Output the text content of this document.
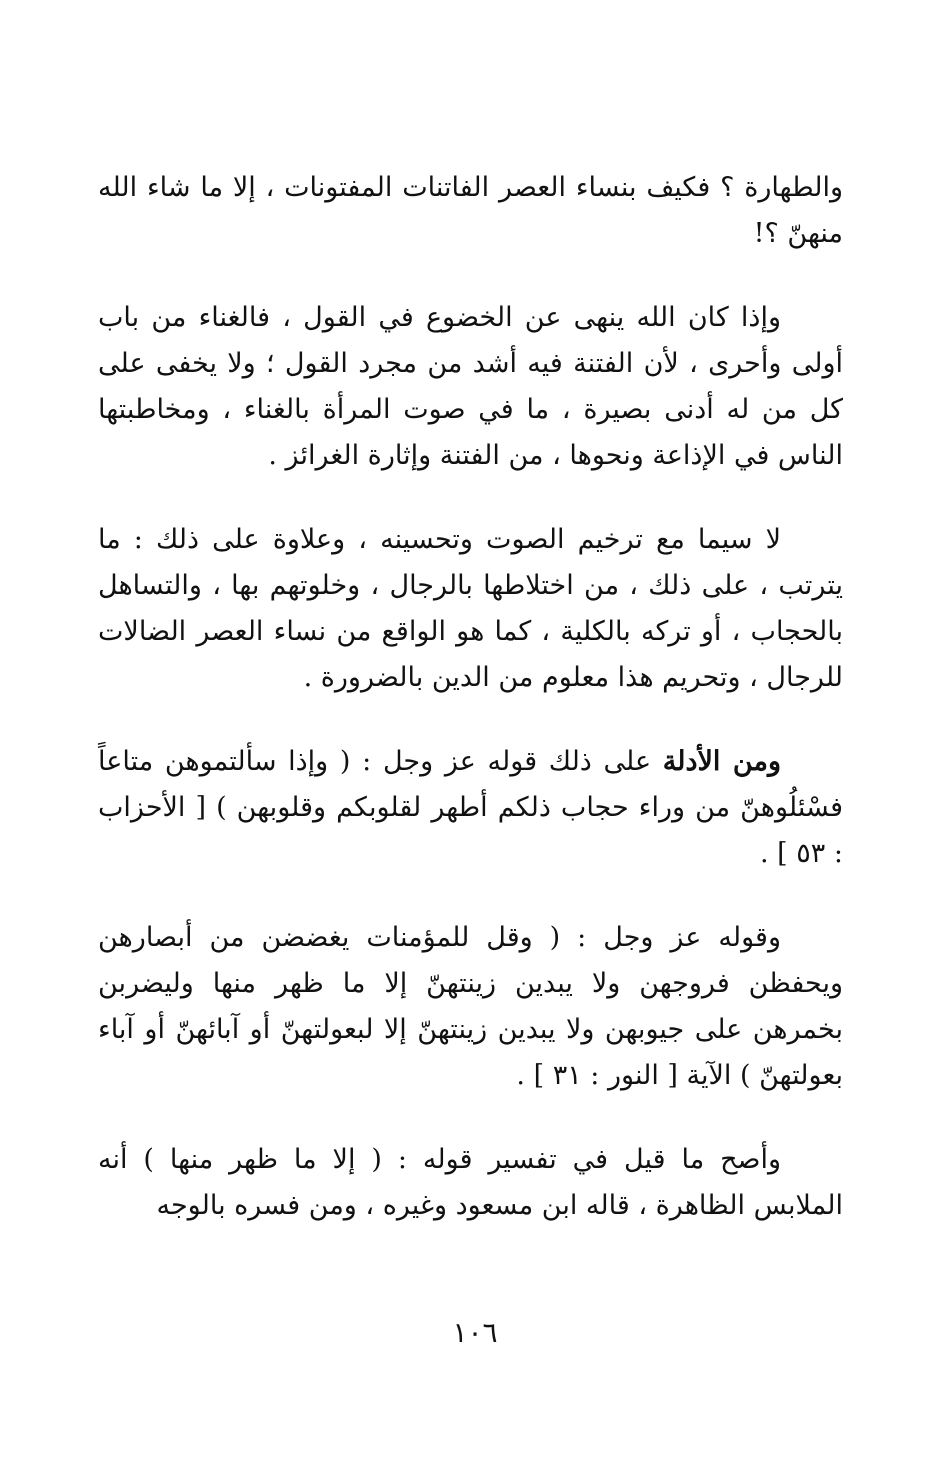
والطهارة ؟ فكيف بنساء العصر الفاتنات المفتونات ، إلا ما شاء الله منهنّ ؟!

وإذا كان الله ينهى عن الخضوع في القول ، فالغناء من باب أولى وأحرى ، لأن الفتنة فيه أشد من مجرد القول ؛ ولا يخفى على كل من له أدنى بصيرة ، ما في صوت المرأة بالغناء ، ومخاطبتها الناس في الإذاعة ونحوها ، من الفتنة وإثارة الغرائز .

لا سيما مع ترخيم الصوت وتحسينه ، وعلاوة على ذلك : ما يترتب ، على ذلك ، من اختلاطها بالرجال ، وخلوتهم بها ، والتساهل بالحجاب ، أو تركه بالكلية ، كما هو الواقع من نساء العصر الضالات للرجال ، وتحريم هذا معلوم من الدين بالضرورة .

ومن الأدلة على ذلك قوله عز وجل : ( وإذا سألتموهن متاعاً فسْئلُوهنّ من وراء حجاب ذلكم أطهر لقلوبكم وقلوبهن ) [ الأحزاب : ٥٣ ] .

وقوله عز وجل : ( وقل للمؤمنات يغضضن من أبصارهن ويحفظن فروجهن ولا يبدين زينتهنّ إلا ما ظهر منها وليضربن بخمرهن على جيوبهن ولا يبدين زينتهنّ إلا لبعولتهنّ أو آبائهنّ أو آباء بعولتهنّ ) الآية [ النور : ٣١ ] .

وأصح ما قيل في تفسير قوله : ( إلا ما ظهر منها ) أنه الملابس الظاهرة ، قاله ابن مسعود وغيره ، ومن فسره بالوجه

١٠٦
